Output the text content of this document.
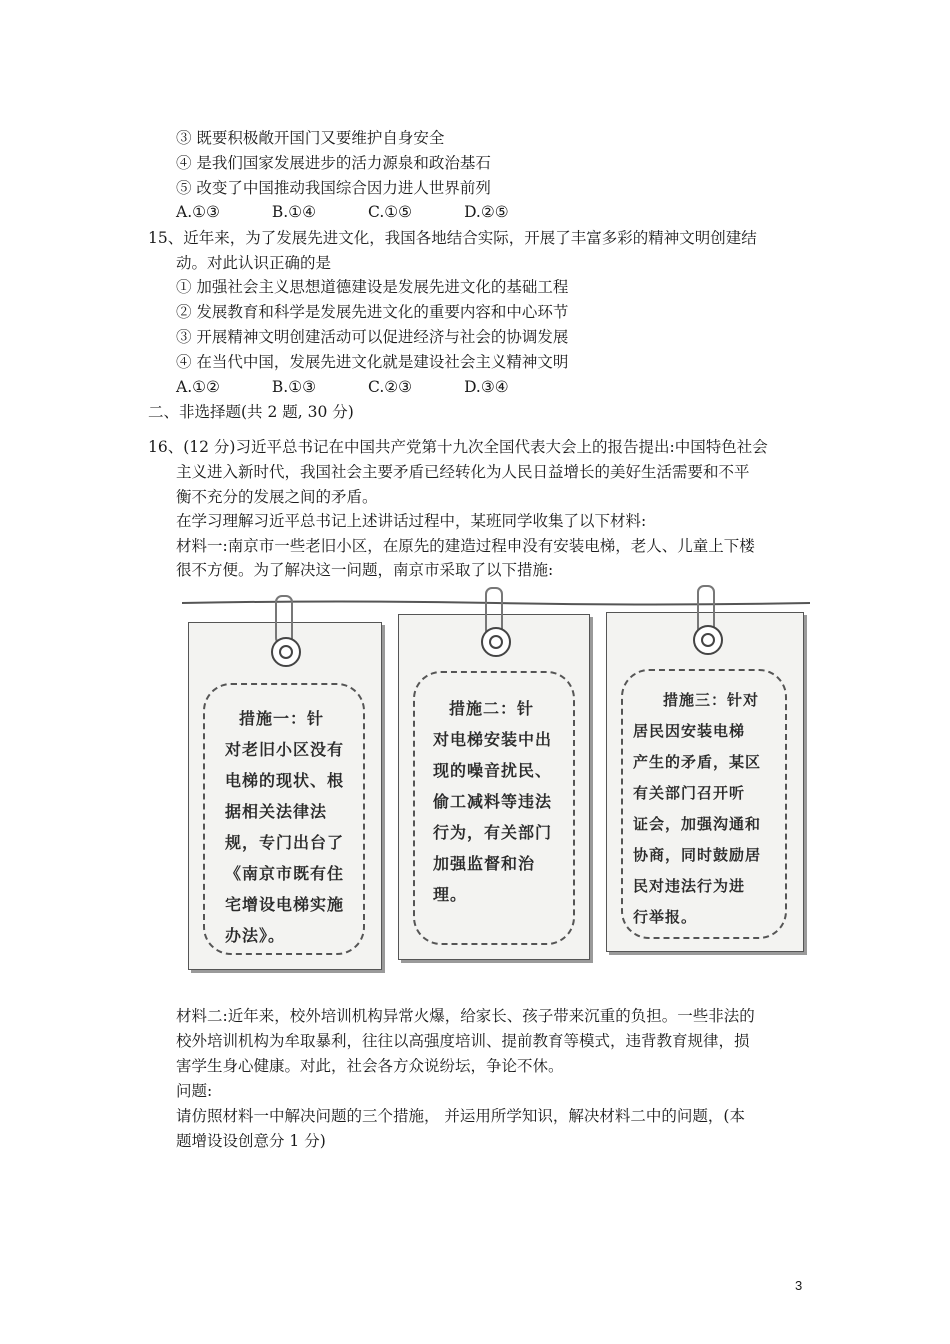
③ 既要积极敞开国门又要维护自身安全
④ 是我们国家发展进步的活力源泉和政治基石
⑤ 改变了中国推动我国综合因力进人世界前列
A.①③	B.①④	C.①⑤	D.②⑤
15、近年来，为了发展先进文化，我国各地结合实际，开展了丰富多彩的精神文明创建结
动。对此认识正确的是
① 加强社会主义思想道德建设是发展先进文化的基础工程
② 发展教育和科学是发展先进文化的重要内容和中心环节
③ 开展精神文明创建活动可以促进经济与社会的协调发展
④ 在当代中国，发展先进文化就是建设社会主义精神文明
A.①②	B.①③	C.②③	D.③④
二、非选择题(共 2 题, 30 分)
16、(12 分)习近平总书记在中国共产党第十九次全国代表大会上的报告提出:中国特色社会
主义进入新时代，我国社会主要矛盾已经转化为人民日益增长的美好生活需要和不平
衡不充分的发展之间的矛盾。
在学习理解习近平总书记上述讲话过程中，某班同学收集了以下材料:
材料一:南京市一些老旧小区，在原先的建造过程申没有安装电梯，老人、儿童上下楼
很不方便。为了解决这一问题，南京市采取了以下措施:
措施一：针
对老旧小区没有
电梯的现状、根
据相关法律法
规，专门出台了
《南京市既有住
宅增设电梯实施
办法》。
措施二：针
对电梯安装中出
现的噪音扰民、
偷工减料等违法
行为，有关部门
加强监督和治
理。
措施三：针对
居民因安装电梯
产生的矛盾，某区
有关部门召开听
证会，加强沟通和
协商，同时鼓励居
民对违法行为进
行举报。
材料二:近年来，校外培训机构异常火爆，给家长、孩子带来沉重的负担。一些非法的
校外培训机构为牟取暴利，往往以高强度培训、提前教育等模式，违背教育规律，损
害学生身心健康。对此，社会各方众说纷坛，争论不休。
问题:
请仿照材料一中解决问题的三个措施， 并运用所学知识，解决材料二中的问题，(本
题增设设创意分 1 分)
3
